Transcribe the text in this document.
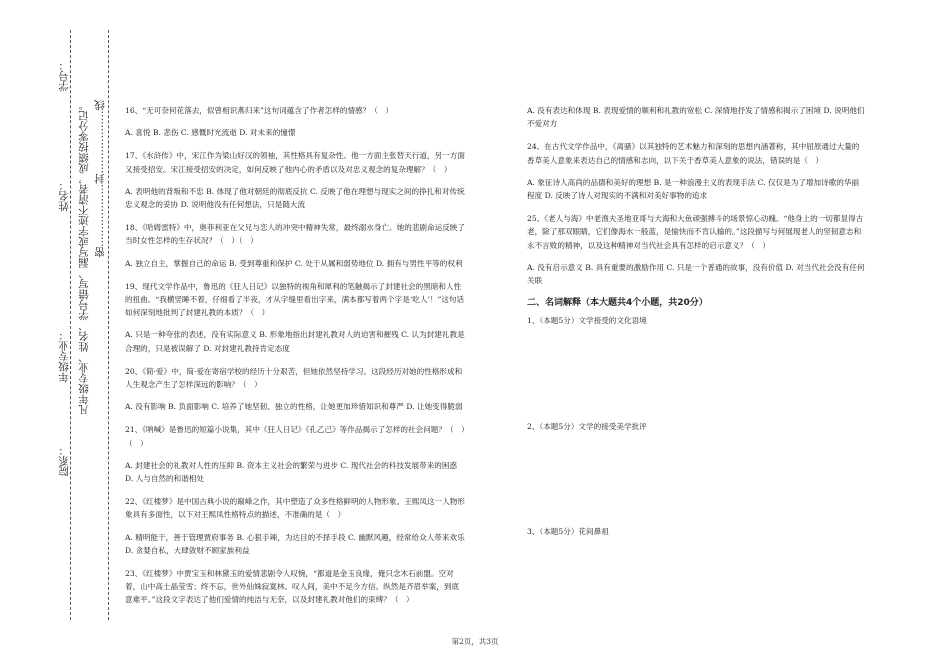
学号：
姓名：
年级专业：
院系：
凡年级专业、姓名、学号错写、漏写或字迹不清者，成绩按零分记。 密………………封………………线	16、“无可奈何花落去，似曾相识燕归来”这句词蕴含了作者怎样的情感？（　）

A. 喜悦 B. 悲伤 C. 感慨时光流逝 D. 对未来的憧憬

17、《水浒传》中，宋江作为梁山好汉的领袖，其性格具有复杂性。他一方面主张替天行道，另一方面又接受招安。宋江接受招安的决定，如何反映了他内心的矛盾以及对忠义观念的复杂理解？（　）

A. 表明他的背叛和不忠 B. 体现了他对朝廷的彻底反抗 C. 反映了他在理想与现实之间的挣扎和对传统忠义观念的妥协 D. 说明他没有任何想法，只是随大流

18、《哈姆雷特》中，奥菲利亚在父兄与恋人的冲突中精神失常，最终溺水身亡。她的悲剧命运反映了当时女性怎样的生存状况？（　）（　）

A. 独立自主，掌握自己的命运 B. 受到尊重和保护 C. 处于从属和弱势地位 D. 拥有与男性平等的权利

19、现代文学作品中，鲁迅的《狂人日记》以独特的视角和犀利的笔触揭示了封建社会的黑暗和人性的扭曲。“我横竖睡不着，仔细看了半夜，才从字缝里看出字来，满本都写着两个字是‘吃人’！”这句话如何深刻地批判了封建礼教的本质？（　）

A. 只是一种夸张的表述，没有实际意义 B. 形象地指出封建礼教对人的迫害和摧残 C. 认为封建礼教是合理的，只是被误解了 D. 对封建礼教持肯定态度

20、《简·爱》中，简·爱在寄宿学校的经历十分艰苦，但她依然坚持学习。这段经历对她的性格形成和人生观念产生了怎样深远的影响？（　）

A. 没有影响 B. 负面影响 C. 培养了她坚韧、独立的性格，让她更加珍惜知识和尊严 D. 让她变得脆弱

21、《呐喊》是鲁迅的短篇小说集，其中《狂人日记》《孔乙己》等作品揭示了怎样的社会问题？（　）（　）

A. 封建社会的礼教对人性的压抑 B. 资本主义社会的繁荣与进步 C. 现代社会的科技发展带来的困惑 D. 人与自然的和谐相处

22、《红楼梦》是中国古典小说的巅峰之作，其中塑造了众多性格鲜明的人物形象。王熙凤这一人物形象具有多面性，以下对王熙凤性格特点的描述，不准确的是（　）

A. 精明能干，善于管理贾府事务 B. 心狠手辣，为达目的不择手段 C. 幽默风趣，经常给众人带来欢乐 D. 贪婪自私，大肆敛财不顾家族利益

23、《红楼梦》中贾宝玉和林黛玉的爱情悲剧令人叹惋，“都道是金玉良缘，俺只念木石前盟。空对着，山中高士晶莹雪；终不忘，世外仙姝寂寞林。叹人间，美中不足今方信。纵然是齐眉举案，到底意难平。”这段文字表达了他们爱情的纯洁与无奈，以及封建礼教对他们的束缚？（　）

A. 没有表达和体现 B. 表现爱情的顺利和礼教的宽松 C. 深情地抒发了情感和揭示了困境 D. 说明他们不爱对方

24、在古代文学作品中，《离骚》以其独特的艺术魅力和深刻的思想内涵著称，其中屈原通过大量的香草美人意象来表达自己的情感和志向，以下关于香草美人意象的说法，错误的是（　）

A. 象征诗人高尚的品德和美好的理想 B. 是一种浪漫主义的表现手法 C. 仅仅是为了增加诗歌的华丽程度 D. 反映了诗人对现实的不满和对美好事物的追求

25、《老人与海》中老渔夫圣地亚哥与大海和大鱼顽强搏斗的场景惊心动魄。“他身上的一切都显得古老，除了那双眼睛，它们像海水一般蓝，是愉快而不肯认输的。”这段描写与何展现老人的坚韧意志和永不言败的精神，以及这种精神对当代社会具有怎样的启示意义？（　）

A. 没有启示意义 B. 具有重要的激励作用 C. 只是一个普通的故事，没有价值 D. 对当代社会没有任何关联

二、名词解释（本大题共4个小题，共20分）

1、（本题5分）文学接受的文化语境

2、（本题5分）文学的接受美学批评

3、（本题5分）花间鼻祖

第2页，共3页
